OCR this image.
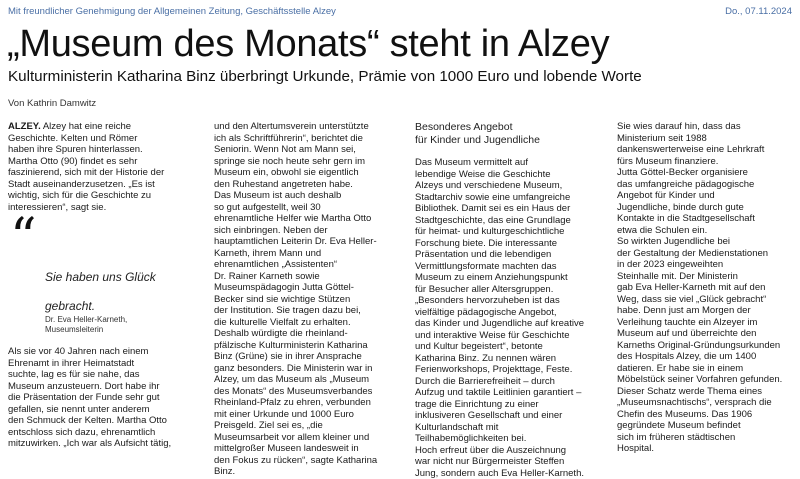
Mit freundlicher Genehmigung der Allgemeinen Zeitung, Geschäftsstelle Alzey	Do., 07.11.2024
„Museum des Monats“ steht in Alzey
Kulturministerin Katharina Binz überbringt Urkunde, Prämie von 1000 Euro und lobende Worte
Von Kathrin Damwitz

ALZEY. Alzey hat eine reiche
Geschichte. Kelten und Römer
haben ihre Spuren hinterlassen.
Martha Otto (90) findet es sehr
faszinierend, sich mit der Historie der
Stadt auseinanderzusetzen. „Es ist
wichtig, sich für die Geschichte zu
interessieren“, sagt sie.

“
Sie haben uns Glück
gebracht.
Dr. Eva Heller-Karneth,
Museumsleiterin
Als sie vor 40 Jahren nach einem
Ehrenamt in ihrer Heimatstadt
suchte, lag es für sie nahe, das
Museum anzusteuern. Dort habe ihr
die Präsentation der Funde sehr gut
gefallen, sie nennt unter anderem
den Schmuck der Kelten. Martha Otto
entschloss sich dazu, ehrenamtlich
mitzuwirken. „Ich war als Aufsicht tätig,

und den Altertumsverein unterstützte
ich als Schriftführerin“, berichtet die
Seniorin. Wenn Not am Mann sei,
springe sie noch heute sehr gern im
Museum ein, obwohl sie eigentlich
den Ruhestand angetreten habe.
Das Museum ist auch deshalb
so gut aufgestellt, weil 30
ehrenamtliche Helfer wie Martha Otto
sich einbringen. Neben der
hauptamtlichen Leiterin Dr. Eva Heller-
Karneth, ihrem Mann und
ehrenamtlichen „Assistenten“
Dr. Rainer Karneth sowie
Museumspädagogin Jutta Göttel-
Becker sind sie wichtige Stützen
der Institution. Sie tragen dazu bei,
die kulturelle Vielfalt zu erhalten.
Deshalb würdigte die rheinland-
pfälzische Kulturministerin Katharina
Binz (Grüne) sie in ihrer Ansprache
ganz besonders. Die Ministerin war in
Alzey, um das Museum als „Museum
des Monats“ des Museumsverbandes
Rheinland-Pfalz zu ehren, verbunden
mit einer Urkunde und 1000 Euro
Preisgeld. Ziel sei es, „die
Museumsarbeit vor allem kleiner und
mittelgroßer Museen landesweit in
den Fokus zu rücken“, sagte Katharina
Binz.

Besonderes Angebot
für Kinder und Jugendliche

Das Museum vermittelt auf
lebendige Weise die Geschichte
Alzeys und verschiedene Museum,
Stadtarchiv sowie eine umfangreiche
Bibliothek. Damit sei es ein Haus der
Stadtgeschichte, das eine Grundlage
für heimat- und kulturgeschichtliche
Forschung biete. Die interessante
Präsentation und die lebendigen
Vermittlungsformate machten das
Museum zu einem Anziehungspunkt
für Besucher aller Altersgruppen.
„Besonders hervorzuheben ist das
vielfältige pädagogische Angebot,
das Kinder und Jugendliche auf kreative
und interaktive Weise für Geschichte
und Kultur begeistert“, betonte
Katharina Binz. Zu nennen wären
Ferienworkshops, Projekttage, Feste.
Durch die Barrierefreiheit – durch
Aufzug und taktile Leitlinien garantiert –
trage die Einrichtung zu einer
inklusiveren Gesellschaft und einer
Kulturlandschaft mit
Teilhabemöglichkeiten bei.
Hoch erfreut über die Auszeichnung
war nicht nur Bürgermeister Steffen
Jung, sondern auch Eva Heller-Karneth.

Sie wies darauf hin, dass das
Ministerium seit 1988
dankenswerterweise eine Lehrkraft
fürs Museum finanziere.
Jutta Göttel-Becker organisiere
das umfangreiche pädagogische
Angebot für Kinder und
Jugendliche, binde durch gute
Kontakte in die Stadtgesellschaft
etwa die Schulen ein.
So wirkten Jugendliche bei
der Gestaltung der Medienstationen
in der 2023 eingeweihten
Steinhalle mit. Der Ministerin
gab Eva Heller-Karneth mit auf den
Weg, dass sie viel „Glück gebracht“
habe. Denn just am Morgen der
Verleihung tauchte ein Alzeyer im
Museum auf und überreichte den
Karneths Original-Gründungsurkunden
des Hospitals Alzey, die um 1400
datieren. Er habe sie in einem
Möbelstück seiner Vorfahren gefunden.
Dieser Schatz werde Thema eines
„Museumsnachtischs“, versprach die
Chefin des Museums. Das 1906
gegründete Museum befindet
sich im früheren städtischen
Hospital.
